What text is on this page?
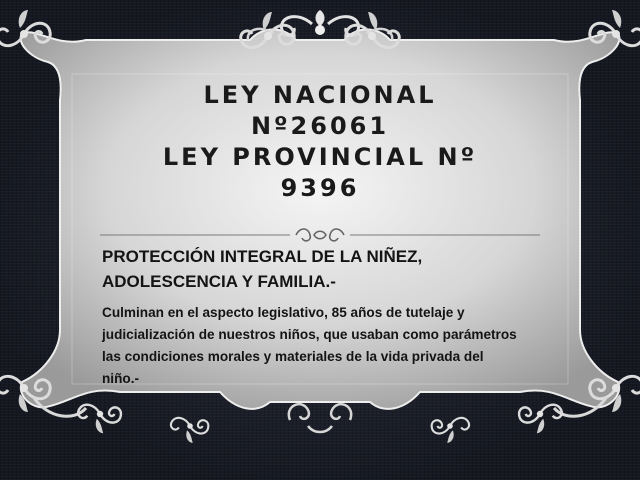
LEY NACIONAL
Nº26061
LEY PROVINCIAL Nº
9396
PROTECCIÓN INTEGRAL DE LA NIÑEZ,
ADOLESCENCIA Y FAMILIA.-
Culminan en el aspecto legislativo, 85 años de tutelaje y
judicialización de nuestros niños, que usaban como parámetros
las condiciones morales y materiales de la vida privada del
niño.-
